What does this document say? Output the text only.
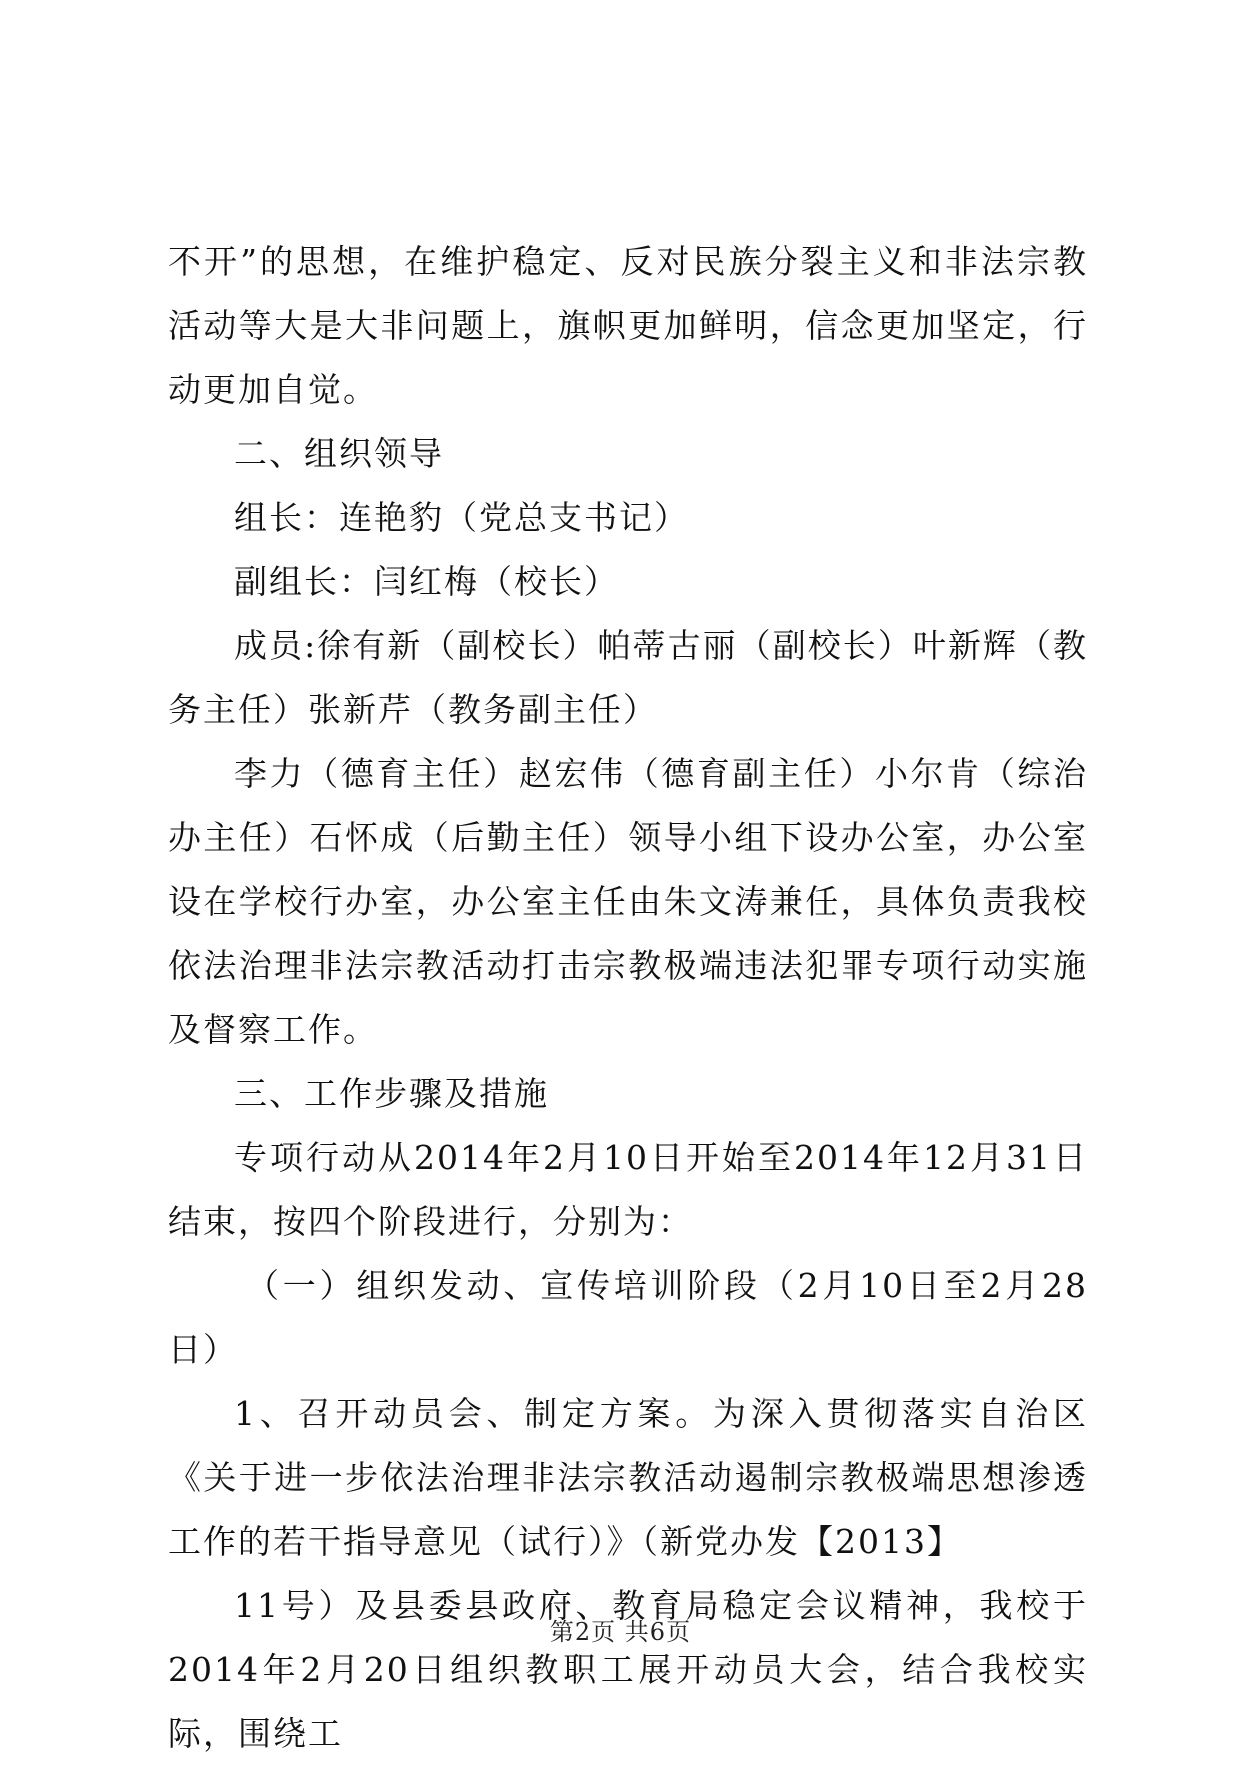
不开”的思想，在维护稳定、反对民族分裂主义和非法宗教活动等大是大非问题上，旗帜更加鲜明，信念更加坚定，行动更加自觉。

二、组织领导

组长：连艳豹（党总支书记）

副组长：闫红梅（校长）

成员:徐有新（副校长）帕蒂古丽（副校长）叶新辉（教务主任）张新芹（教务副主任）

李力（德育主任）赵宏伟（德育副主任）小尔肯（综治办主任）石怀成（后勤主任）领导小组下设办公室，办公室设在学校行办室，办公室主任由朱文涛兼任，具体负责我校依法治理非法宗教活动打击宗教极端违法犯罪专项行动实施及督察工作。

三、工作步骤及措施

专项行动从2014年2月10日开始至2014年12月31日结束，按四个阶段进行，分别为：

（一）组织发动、宣传培训阶段（2月10日至2月28日）

1、召开动员会、制定方案。为深入贯彻落实自治区《关于进一步依法治理非法宗教活动遏制宗教极端思想渗透工作的若干指导意见（试行）》（新党办发【2013】

11号）及县委县政府、教育局稳定会议精神，我校于2014年2月20日组织教职工展开动员大会，结合我校实际，围绕工

第2页 共6页
